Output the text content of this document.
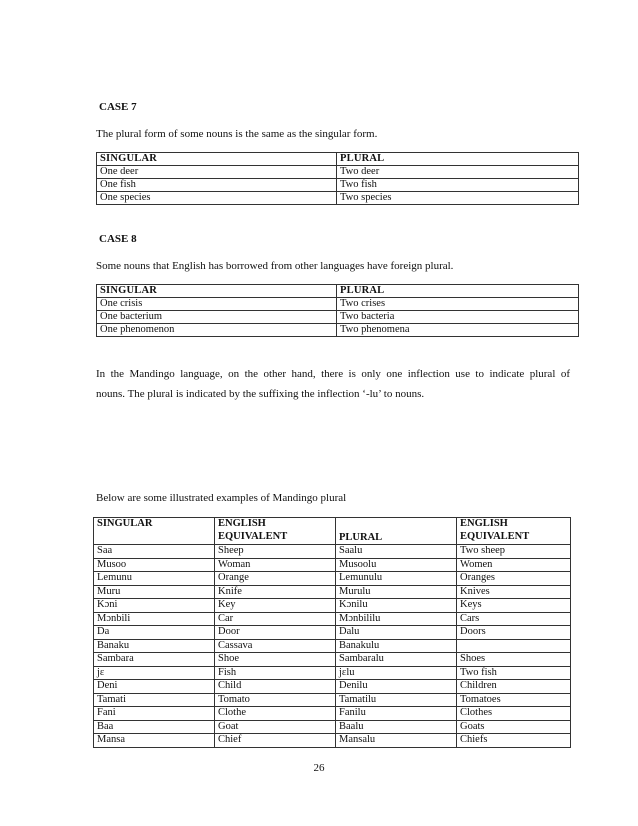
CASE 7
The plural form of some nouns is the same as the singular form.
SINGULAR	PLURAL
One deer	Two deer
One fish	Two fish
One species	Two species
CASE 8
Some nouns that English has borrowed from other languages have foreign plural.
SINGULAR	PLURAL
One crisis	Two crises
One bacterium	Two bacteria
One phenomenon	Two phenomena
In the Mandingo language, on the other hand, there is only one inflection use to indicate plural of
nouns. The plural is indicated by the suffixing the inflection ‘-lu’ to nouns.
Below are some illustrated examples of Mandingo plural
SINGULAR	ENGLISH EQUIVALENT	PLURAL	ENGLISH EQUIVALENT
Saa	Sheep	Saalu	Two sheep
Musoo	Woman	Musoolu	Women
Lemunu	Orange	Lemunulu	Oranges
Muru	Knife	Murulu	Knives
Kɔni	Key	Kɔnilu	Keys
Mɔnbili	Car	Mɔnbililu	Cars
Da	Door	Dalu	Doors
Banaku	Cassava	Banakulu	
Sambara	Shoe	Sambaralu	Shoes
jɛ	Fish	jɛlu	Two fish
Deni	Child	Denilu	Children
Tamati	Tomato	Tamatilu	Tomatoes
Fani	Clothe	Fanilu	Clothes
Baa	Goat	Baalu	Goats
Mansa	Chief	Mansalu	Chiefs
26
